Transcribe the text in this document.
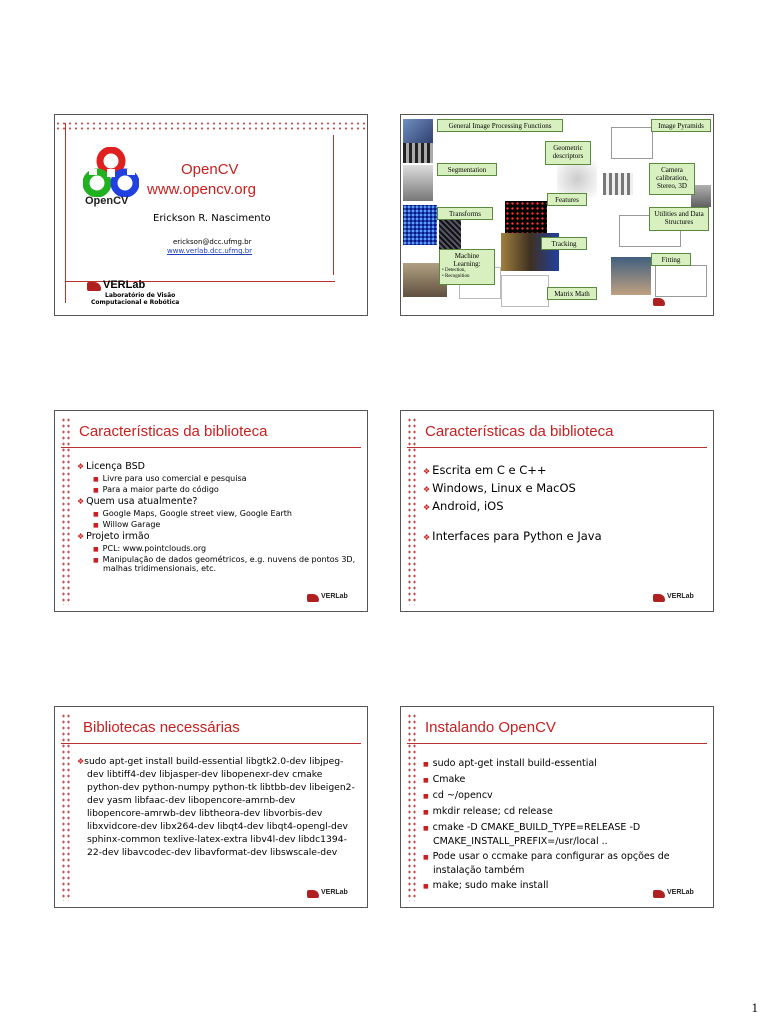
OpenCV
OpenCV
www.opencv.org
Erickson R. Nascimento
erickson@dcc.ufmg.br
www.verlab.dcc.ufmg.br
VERLab
Laboratório de Visão
Computacional e Robótica
General Image Processing Functions	Image Pyramids
Geometric descriptors
Segmentation	Camera calibration, Stereo, 3D
Features
Transforms	Utilities and Data Structures
Tracking
Machine Learning:
• Detection,
• Recognition
Fitting
Matrix Math
Características da biblioteca
❖ Licença BSD
■ Livre para uso comercial e pesquisa
■ Para a maior parte do código
❖ Quem usa atualmente?
■ Google Maps, Google street view, Google Earth
■ Willow Garage
❖ Projeto irmão
■ PCL: www.pointclouds.org
■ Manipulação de dados geométricos, e.g. nuvens de pontos 3D, malhas tridimensionais, etc.
VERLab
Características da biblioteca
❖ Escrita em C e C++
❖ Windows, Linux e MacOS
❖ Android, iOS
❖ Interfaces para Python e Java
VERLab
Bibliotecas necessárias
❖sudo apt-get install build-essential libgtk2.0-dev libjpeg-dev libtiff4-dev libjasper-dev libopenexr-dev cmake python-dev python-numpy python-tk libtbb-dev libeigen2-dev yasm libfaac-dev libopencore-amrnb-dev libopencore-amrwb-dev libtheora-dev libvorbis-dev libxvidcore-dev libx264-dev libqt4-dev libqt4-opengl-dev sphinx-common texlive-latex-extra libv4l-dev libdc1394-22-dev libavcodec-dev libavformat-dev libswscale-dev
VERLab
Instalando OpenCV
■ sudo apt-get install build-essential
■ Cmake
■ cd ~/opencv
■ mkdir release; cd release
■ cmake -D CMAKE_BUILD_TYPE=RELEASE -D CMAKE_INSTALL_PREFIX=/usr/local ..
■ Pode usar o ccmake para configurar as opções de instalação também
■ make; sudo make install
VERLab
1
